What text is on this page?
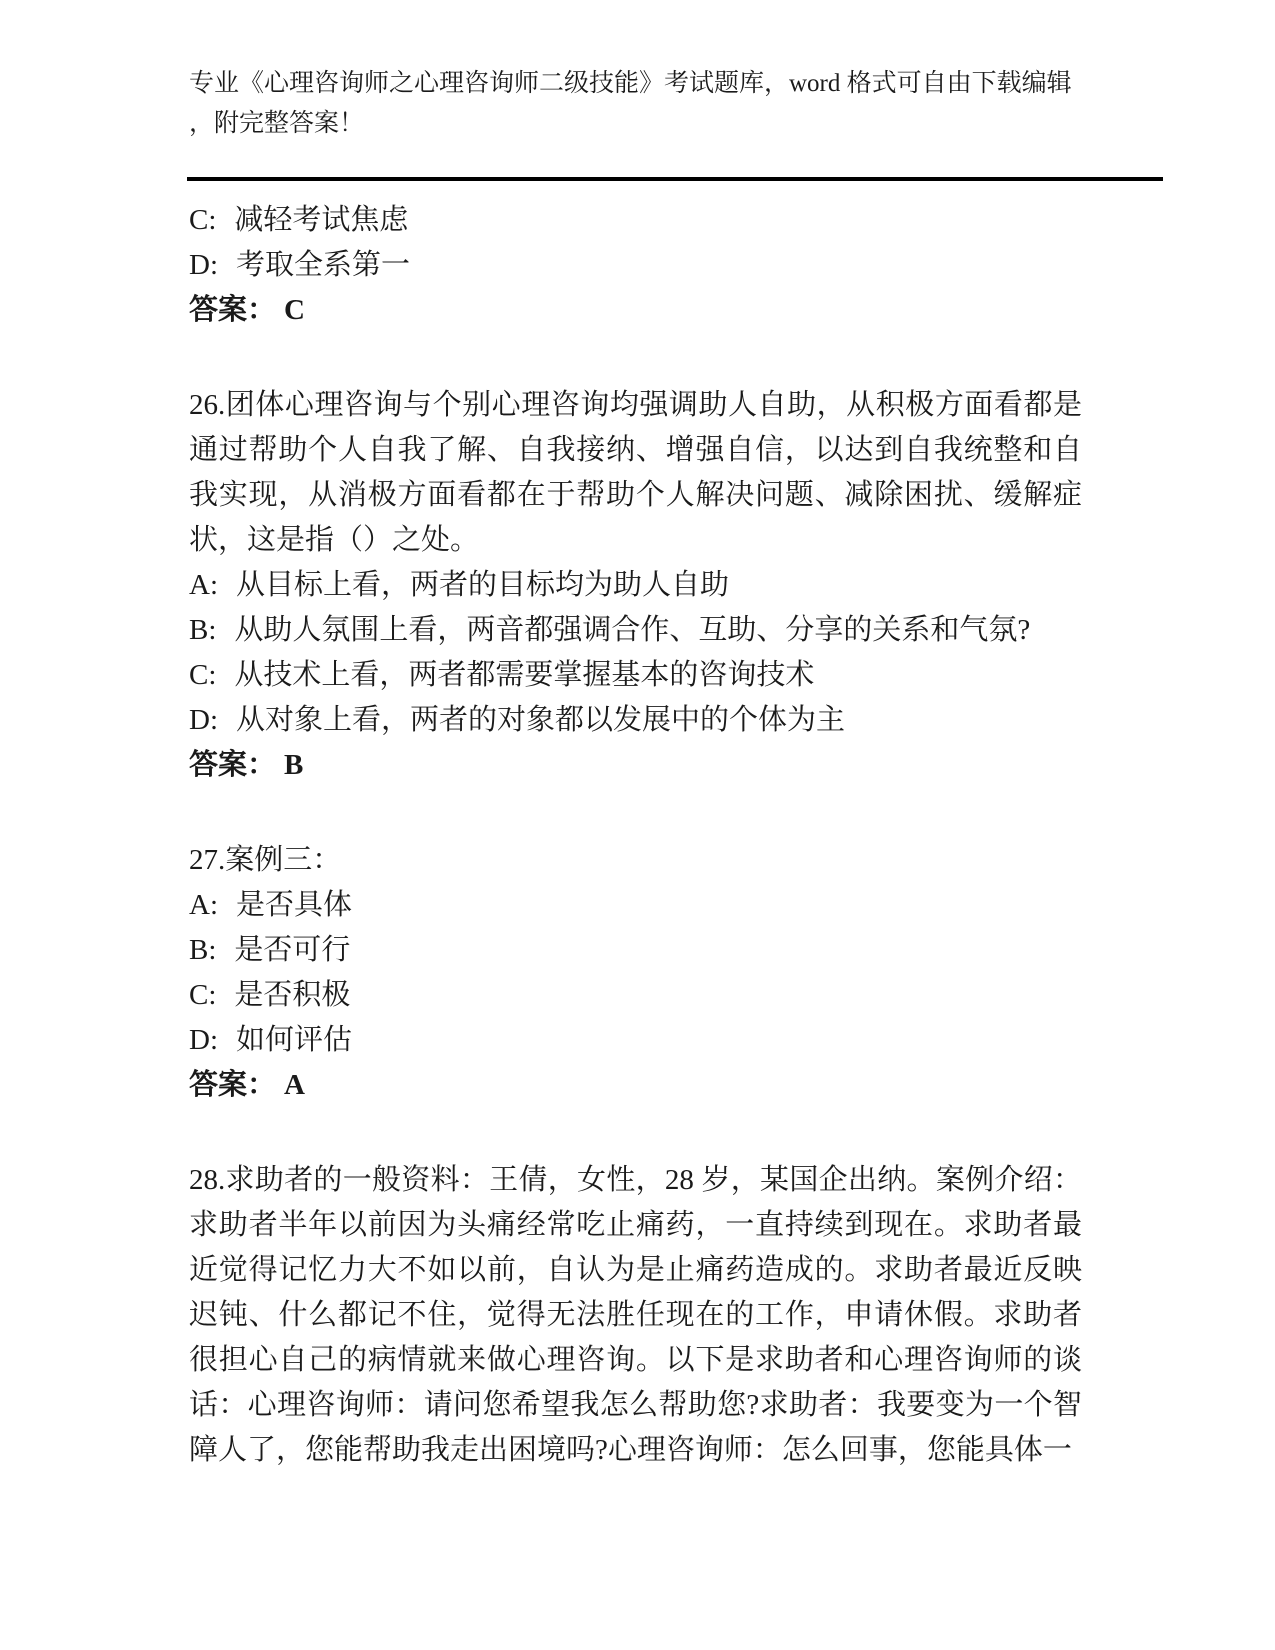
专业《心理咨询师之心理咨询师二级技能》考试题库，word 格式可自由下载编辑
，附完整答案！
C: 减轻考试焦虑
D: 考取全系第一
答案： C

26.团体心理咨询与个别心理咨询均强调助人自助，从积极方面看都是通过帮助个人自我了解、自我接纳、增强自信，以达到自我统整和自我实现，从消极方面看都在于帮助个人解决问题、减除困扰、缓解症状，这是指（）之处。

A: 从目标上看，两者的目标均为助人自助
B: 从助人氛围上看，两音都强调合作、互助、分享的关系和气氛?
C: 从技术上看，两者都需要掌握基本的咨询技术
D: 从对象上看，两者的对象都以发展中的个体为主
答案： B

27.案例三：

A: 是否具体
B: 是否可行
C: 是否积极
D: 如何评估
答案： A

28.求助者的一般资料：王倩，女性，28 岁，某国企出纳。案例介绍：求助者半年以前因为头痛经常吃止痛药，一直持续到现在。求助者最近觉得记忆力大不如以前，自认为是止痛药造成的。求助者最近反映迟钝、什么都记不住，觉得无法胜任现在的工作，申请休假。求助者很担心自己的病情就来做心理咨询。以下是求助者和心理咨询师的谈话：心理咨询师：请问您希望我怎么帮助您?求助者：我要变为一个智障人了，您能帮助我走出困境吗?心理咨询师：怎么回事，您能具体一
